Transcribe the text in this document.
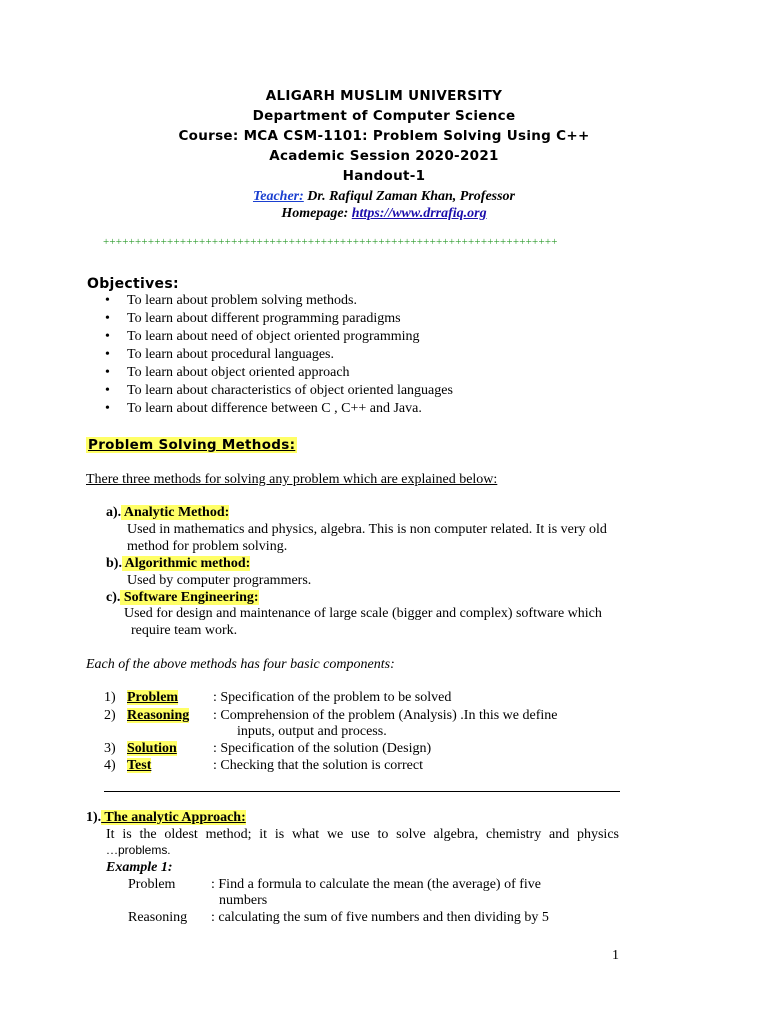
ALIGARH MUSLIM UNIVERSITY
Department of Computer Science
Course: MCA CSM-1101: Problem Solving Using C++
Academic Session 2020-2021
Handout-1
Teacher: Dr. Rafiqul Zaman Khan, Professor
Homepage: https://www.drrafiq.org
+++++++++++++++++++++++++++++++++++++++++++++++++++++++++++++++++++++++
Objectives:
• To learn about problem solving methods.
• To learn about different programming paradigms
• To learn about need of object oriented programming
• To learn about procedural languages.
• To learn about object oriented approach
• To learn about characteristics of object oriented languages
• To learn about difference between C , C++ and Java.
Problem Solving Methods:
There three methods for solving any problem which are explained below:
a). Analytic Method:
Used in mathematics and physics, algebra. This is non computer related. It is very old
method for problem solving.
b). Algorithmic method:
Used by computer programmers.
c). Software Engineering:
Used for design and maintenance of large scale (bigger and complex) software which
require team work.
Each of the above methods has four basic components:
1) Problem : Specification of the problem to be solved
2) Reasoning : Comprehension of the problem (Analysis) .In this we define
inputs, output and process.
3) Solution	: Specification of the solution (Design)
4) Test	: Checking that the solution is correct
1). The analytic Approach:
It is the oldest method; it is what we use to solve algebra, chemistry and physics
…problems.
Example 1:
Problem	: Find a formula to calculate the mean (the average) of five
numbers
Reasoning : calculating the sum of five numbers and then dividing by 5
1
